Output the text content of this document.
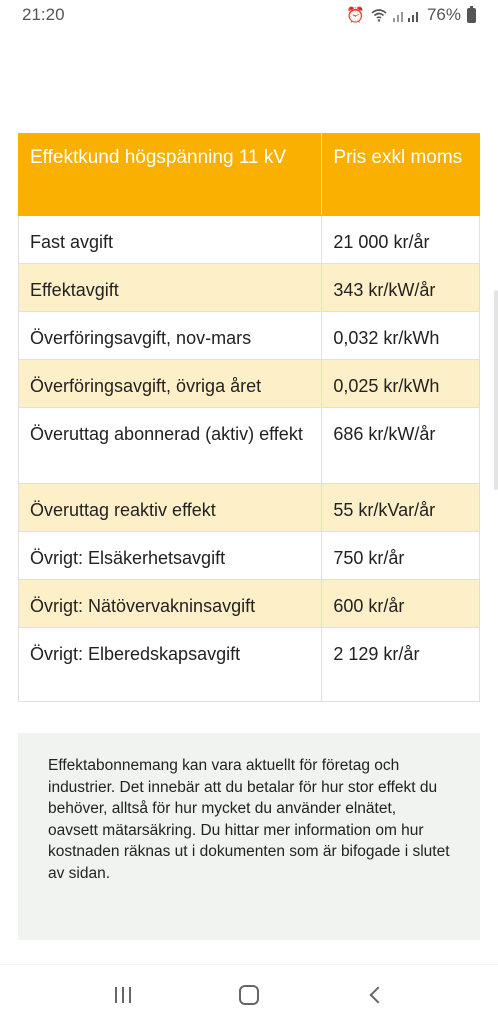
21:20	⏰	76%
Effektkund högspänning 11 kV	Pris exkl moms
Fast avgift	21 000 kr/år
Effektavgift	343 kr/kW/år
Överföringsavgift, nov-mars	0,032 kr/kWh
Överföringsavgift, övriga året	0,025 kr/kWh
Överuttag abonnerad (aktiv) effekt	686 kr/kW/år
Överuttag reaktiv effekt	55 kr/kVar/år
Övrigt: Elsäkerhetsavgift	750 kr/år
Övrigt: Nätövervakninsavgift	600 kr/år
Övrigt: Elberedskapsavgift	2 129 kr/år

Effektabonnemang kan vara aktuellt för företag och industrier. Det innebär att du betalar för hur stor effekt du behöver, alltså för hur mycket du använder elnätet, oavsett mätarsäkring. Du hittar mer information om hur kostnaden räknas ut i dokumenten som är bifogade i slutet av sidan.
